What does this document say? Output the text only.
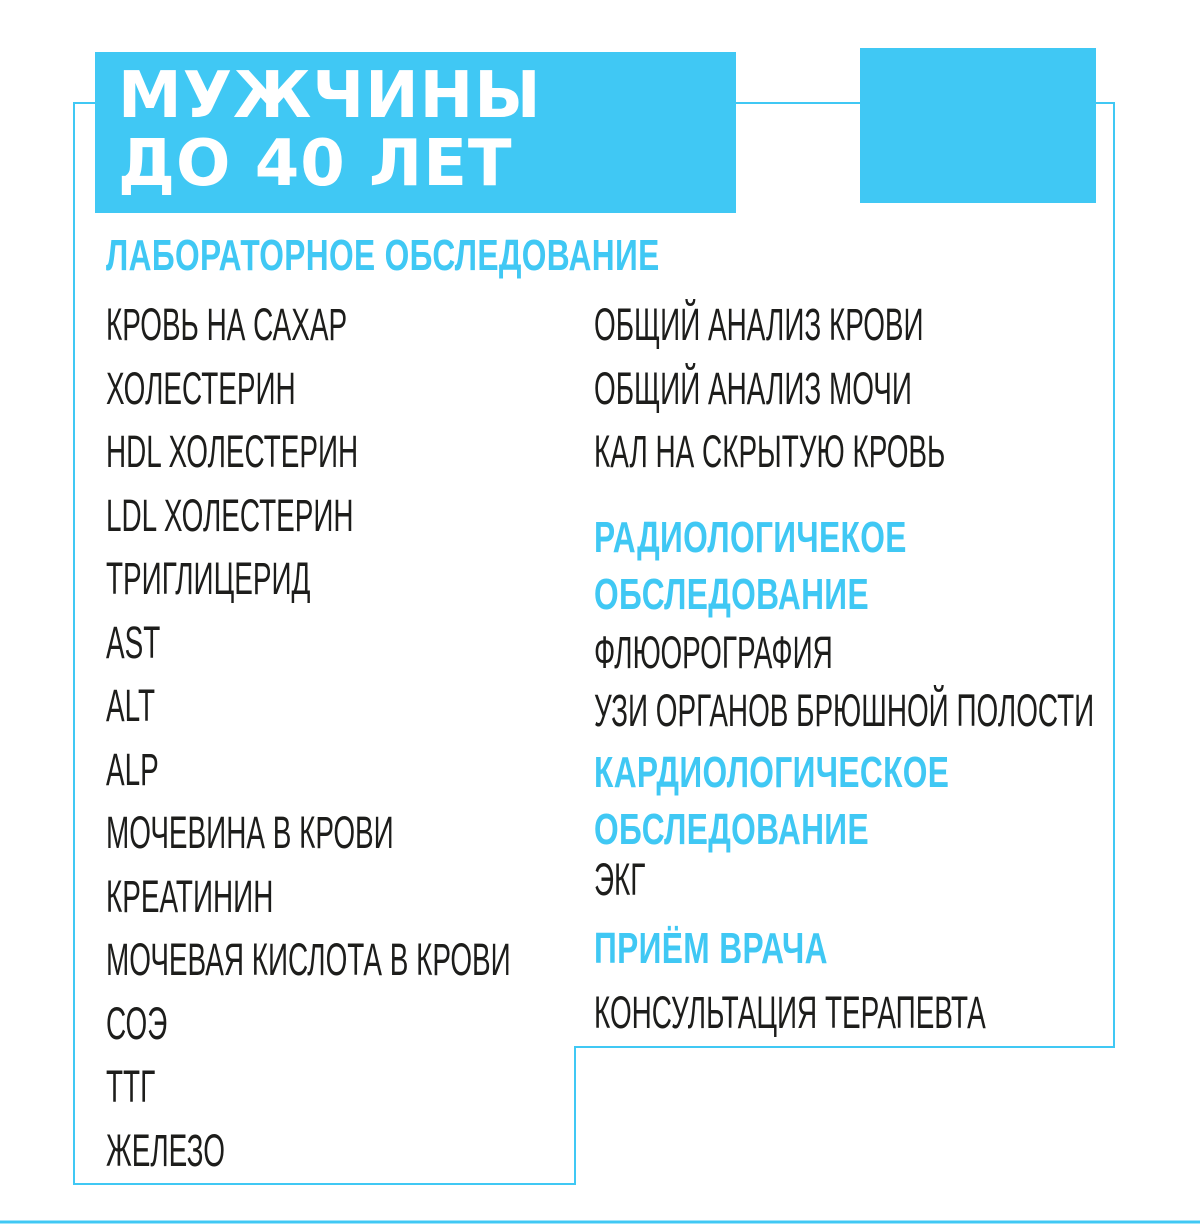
МУЖЧИНЫ
ДО 40 ЛЕТ
ЛАБОРАТОРНОЕ ОБСЛЕДОВАНИЕ
КРОВЬ НА САХАР
ХОЛЕСТЕРИН
HDL ХОЛЕСТЕРИН
LDL ХОЛЕСТЕРИН
ТРИГЛИЦЕРИД
AST
ALT
ALP
МОЧЕВИНА В КРОВИ
КРЕАТИНИН
МОЧЕВАЯ КИСЛОТА В КРОВИ
СОЭ
ТТГ
ЖЕЛЕЗО
ОБЩИЙ АНАЛИЗ КРОВИ
ОБЩИЙ АНАЛИЗ МОЧИ
КАЛ НА СКРЫТУЮ КРОВЬ
РАДИОЛОГИЧЕКОЕ
ОБСЛЕДОВАНИЕ
ФЛЮОРОГРАФИЯ
УЗИ ОРГАНОВ БРЮШНОЙ ПОЛОСТИ
КАРДИОЛОГИЧЕСКОЕ
ОБСЛЕДОВАНИЕ
ЭКГ
ПРИЁМ ВРАЧА
КОНСУЛЬТАЦИЯ ТЕРАПЕВТА
